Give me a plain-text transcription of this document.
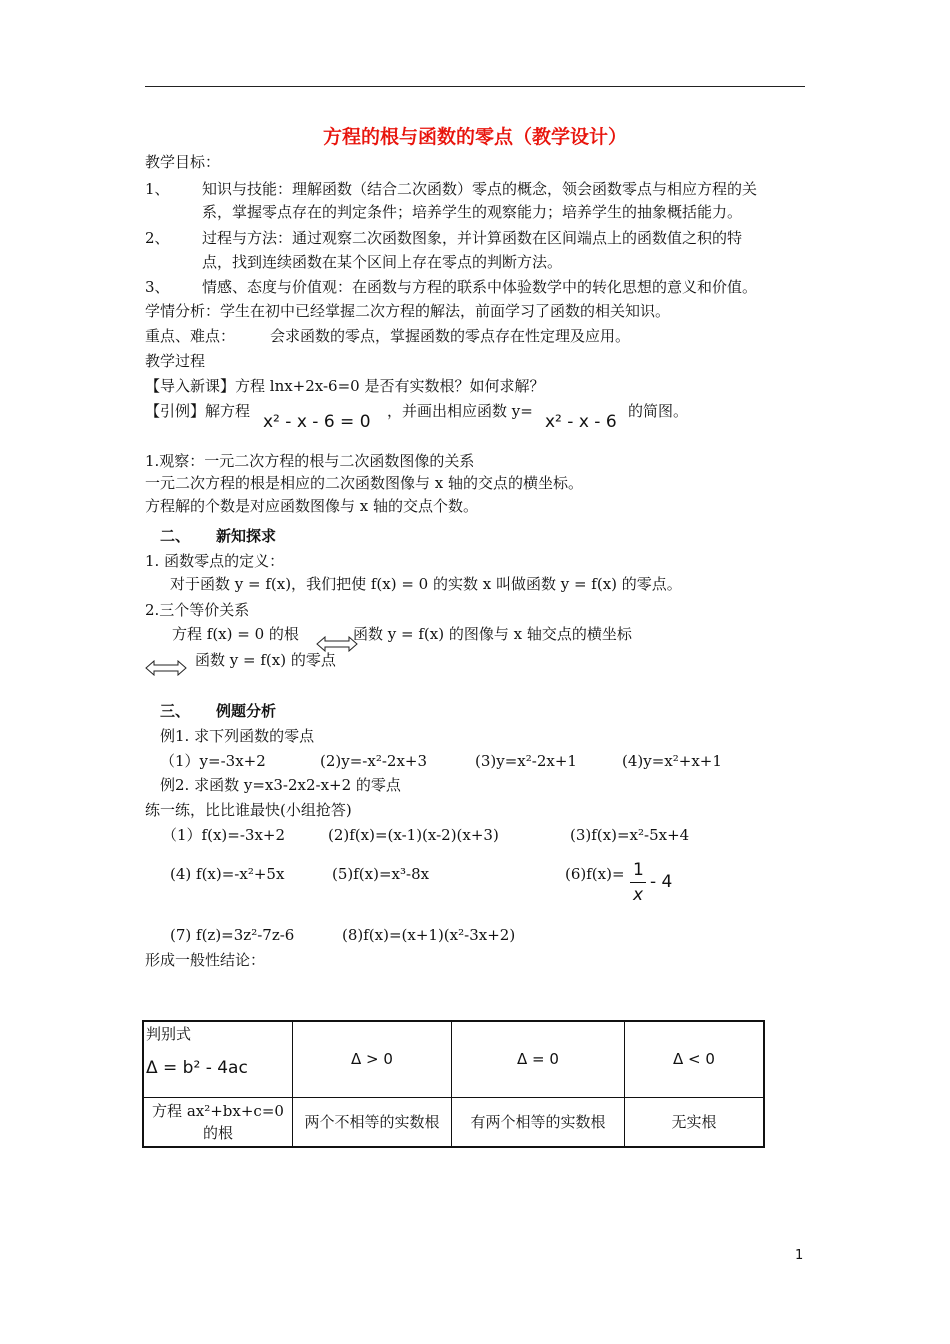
方程的根与函数的零点（教学设计）
教学目标：
1、 知识与技能：理解函数（结合二次函数）零点的概念，领会函数零点与相应方程的关
系，掌握零点存在的判定条件；培养学生的观察能力；培养学生的抽象概括能力。
2、 过程与方法：通过观察二次函数图象，并计算函数在区间端点上的函数值之积的特
点，找到连续函数在某个区间上存在零点的判断方法。
3、 情感、态度与价值观：在函数与方程的联系中体验数学中的转化思想的意义和价值。
学情分析：学生在初中已经掌握二次方程的解法，前面学习了函数的相关知识。
重点、难点： 会求函数的零点，掌握函数的零点存在性定理及应用。
教学过程
【导入新课】方程 lnx+2x-6=0 是否有实数根？如何求解？
【引例】解方程
x² - x - 6 = 0
，并画出相应函数 y=
x² - x - 6
的简图。
1.观察：一元二次方程的根与二次函数图像的关系
一元二次方程的根是相应的二次函数图像与 x 轴的交点的横坐标。
方程解的个数是对应函数图像与 x 轴的交点个数。
二、 新知探求
1. 函数零点的定义：
对于函数 y = f(x)，我们把使 f(x) = 0 的实数 x 叫做函数 y = f(x) 的零点。
2.三个等价关系
方程 f(x) = 0 的根	函数 y = f(x) 的图像与 x 轴交点的横坐标
函数 y = f(x) 的零点
三、 例题分析
例1. 求下列函数的零点
（1）y=-3x+2	(2)y=-x²-2x+3	(3)y=x²-2x+1	(4)y=x²+x+1
例2. 求函数 y=x3-2x2-x+2 的零点
练一练，比比谁最快(小组抢答)
（1）f(x)=-3x+2	(2)f(x)=(x-1)(x-2)(x+3)	(3)f(x)=x²-5x+4
(4) f(x)=-x²+5x	(5)f(x)=x³-8x	(6)f(x)= 1
x
- 4
(7) f(z)=3z²-7z-6	(8)f(x)=(x+1)(x²-3x+2)
形成一般性结论：
判别式
Δ = b² - 4ac	Δ > 0	Δ = 0	Δ < 0
方程 ax²+bx+c=0 的根	两个不相等的实数根	有两个相等的实数根	无实根
1
